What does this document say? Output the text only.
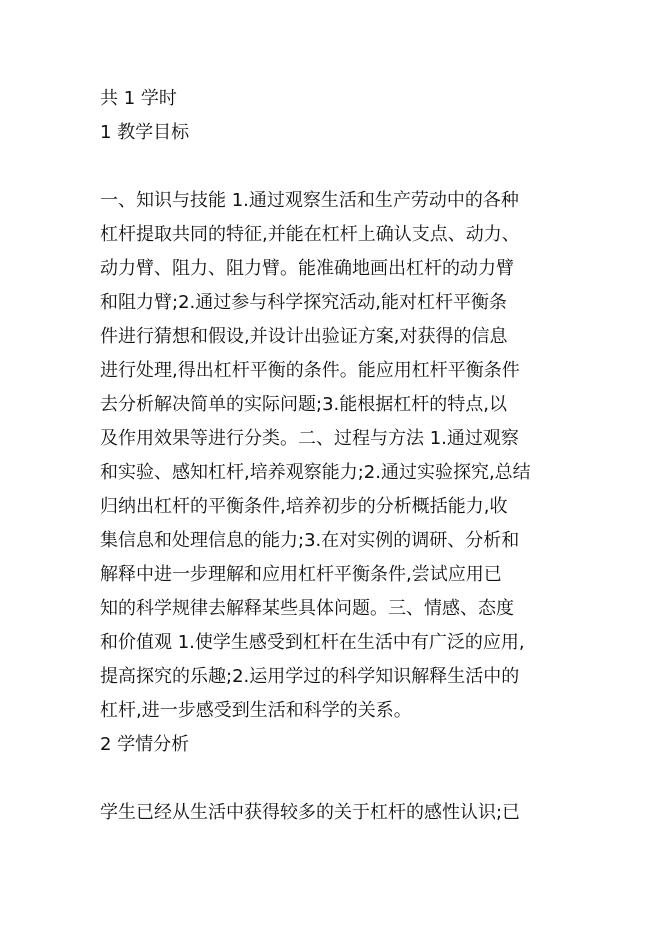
共 1 学时

1 教学目标

一、知识与技能 1.通过观察生活和生产劳动中的各种

杠杆提取共同的特征,并能在杠杆上确认支点、动力、

动力臂、阻力、阻力臂。能准确地画出杠杆的动力臂

和阻力臂;2.通过参与科学探究活动,能对杠杆平衡条

件进行猜想和假设,并设计出验证方案,对获得的信息

进行处理,得出杠杆平衡的条件。能应用杠杆平衡条件

去分析解决简单的实际问题;3.能根据杠杆的特点,以

及作用效果等进行分类。二、过程与方法 1.通过观察

和实验、感知杠杆,培养观察能力;2.通过实验探究,总结

归纳出杠杆的平衡条件,培养初步的分析概括能力,收

集信息和处理信息的能力;3.在对实例的调研、分析和

解释中进一步理解和应用杠杆平衡条件,尝试应用已

知的科学规律去解释某些具体问题。三、情感、态度

和价值观 1.使学生感受到杠杆在生活中有广泛的应用,

提高探究的乐趣;2.运用学过的科学知识解释生活中的

杠杆,进一步感受到生活和科学的关系。

2 学情分析

学生已经从生活中获得较多的关于杠杆的感性认识;已
